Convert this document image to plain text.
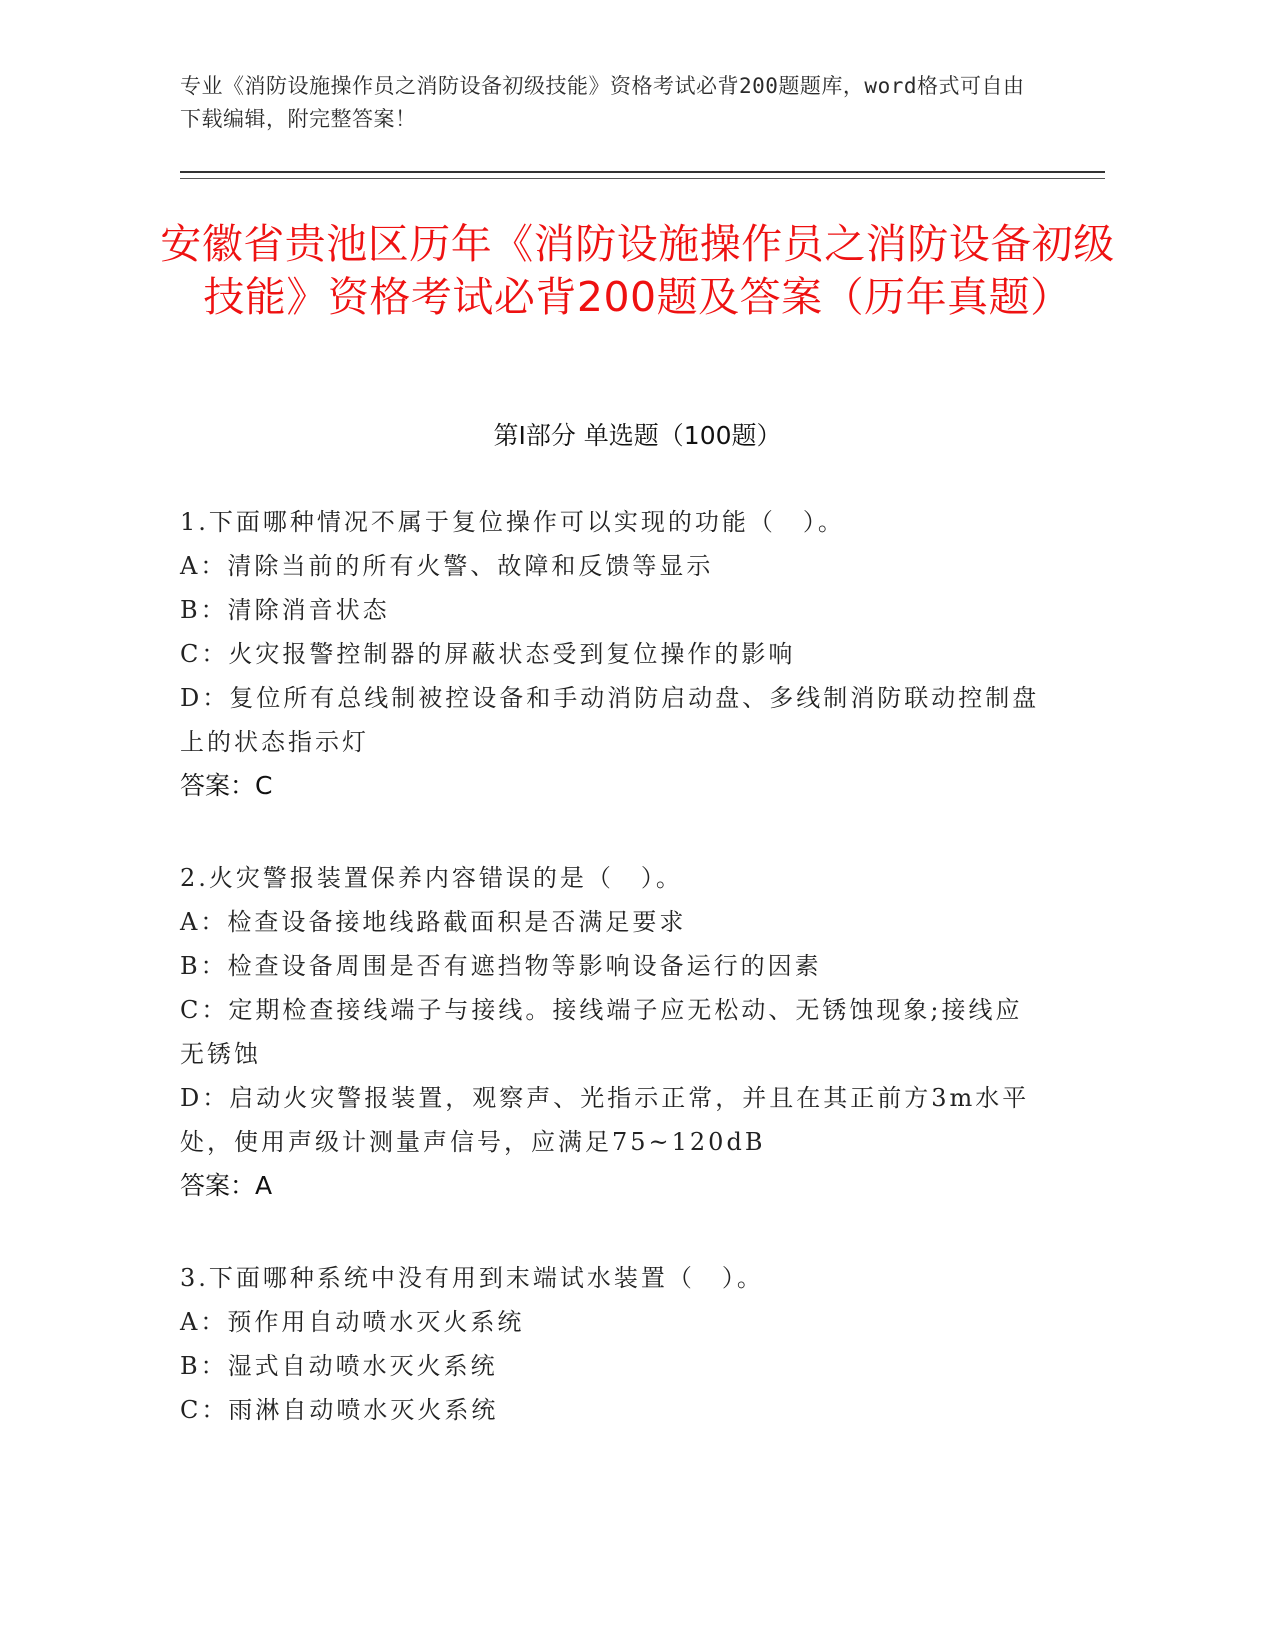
专业《消防设施操作员之消防设备初级技能》资格考试必背200题题库，word格式可自由下载编辑，附完整答案！
安徽省贵池区历年《消防设施操作员之消防设备初级技能》资格考试必背200题及答案（历年真题）
第Ⅰ部分 单选题（100题）

1.下面哪种情况不属于复位操作可以实现的功能（　）。

A：清除当前的所有火警、故障和反馈等显示

B：清除消音状态

C：火灾报警控制器的屏蔽状态受到复位操作的影响

D：复位所有总线制被控设备和手动消防启动盘、多线制消防联动控制盘上的状态指示灯

答案：C

2.火灾警报装置保养内容错误的是（　）。

A：检查设备接地线路截面积是否满足要求

B：检查设备周围是否有遮挡物等影响设备运行的因素

C：定期检查接线端子与接线。接线端子应无松动、无锈蚀现象;接线应无锈蚀

D：启动火灾警报装置，观察声、光指示正常，并且在其正前方3m水平处，使用声级计测量声信号，应满足75~120dB

答案：A

3.下面哪种系统中没有用到末端试水装置（　）。

A：预作用自动喷水灭火系统

B：湿式自动喷水灭火系统

C：雨淋自动喷水灭火系统
